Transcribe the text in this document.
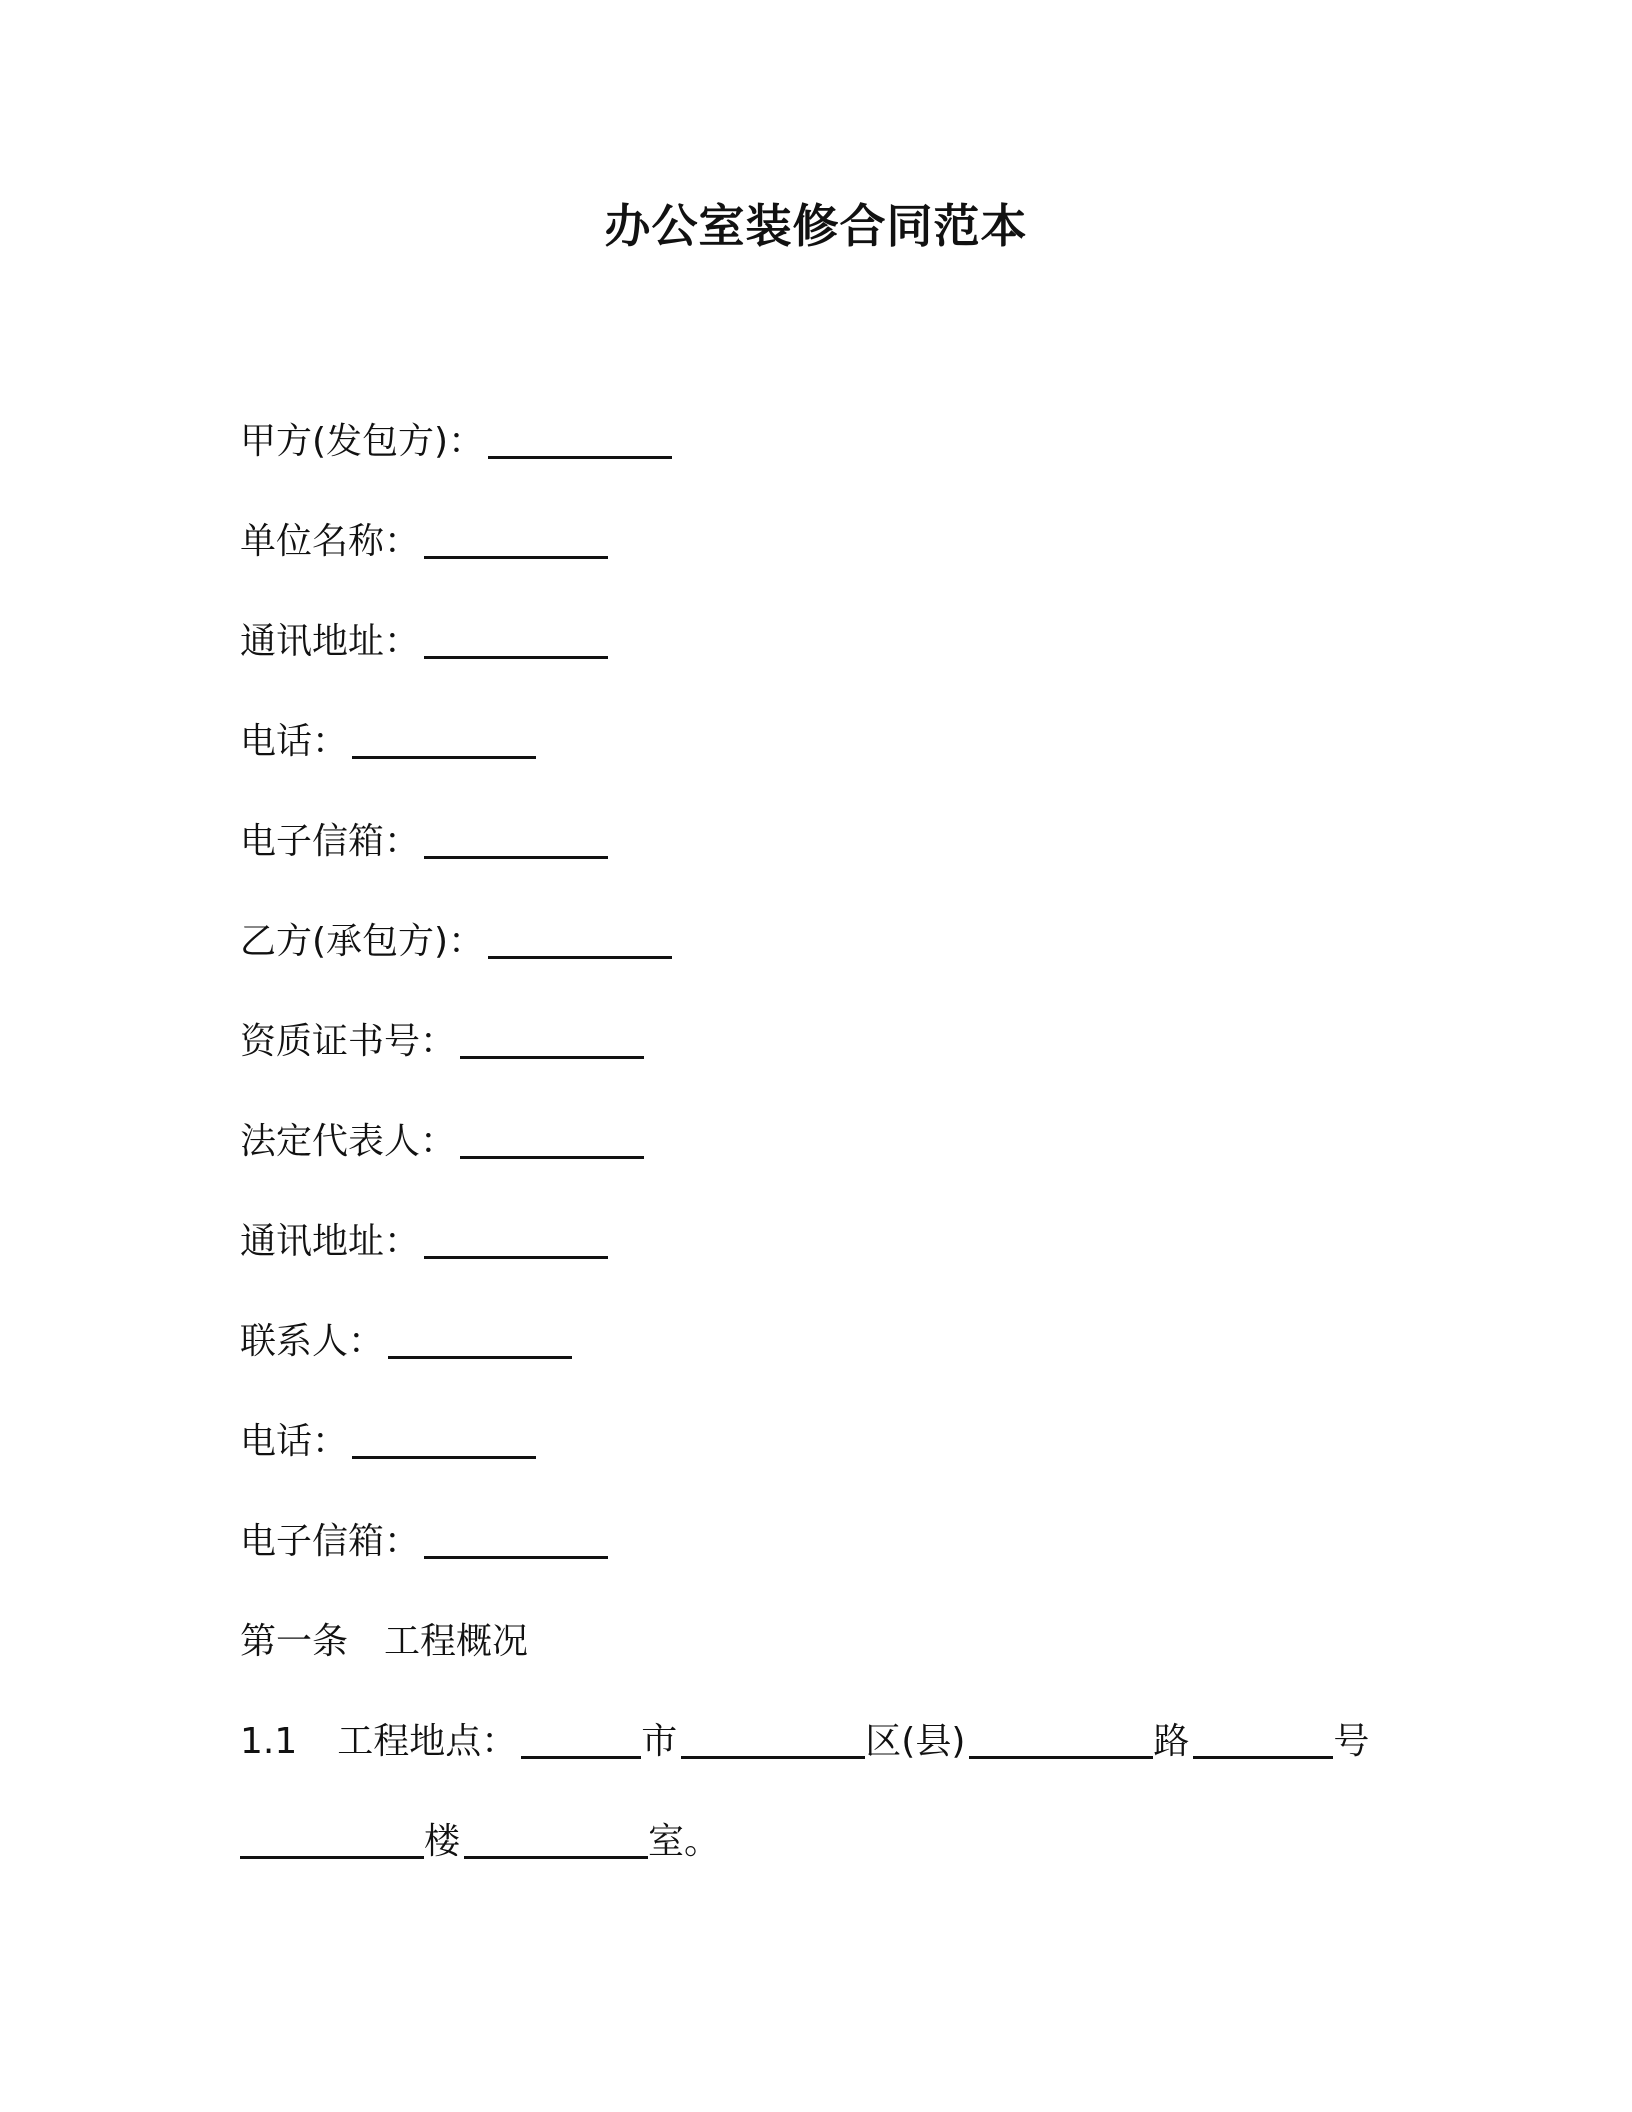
办公室装修合同范本
甲方(发包方)：
单位名称：
通讯地址：
电话：
电子信箱：
乙方(承包方)：
资质证书号：
法定代表人：
通讯地址：
联系人：
电话：
电子信箱：
第一条　工程概况
1.1 工程地点：	市	区(县)	路	号
楼	室。
